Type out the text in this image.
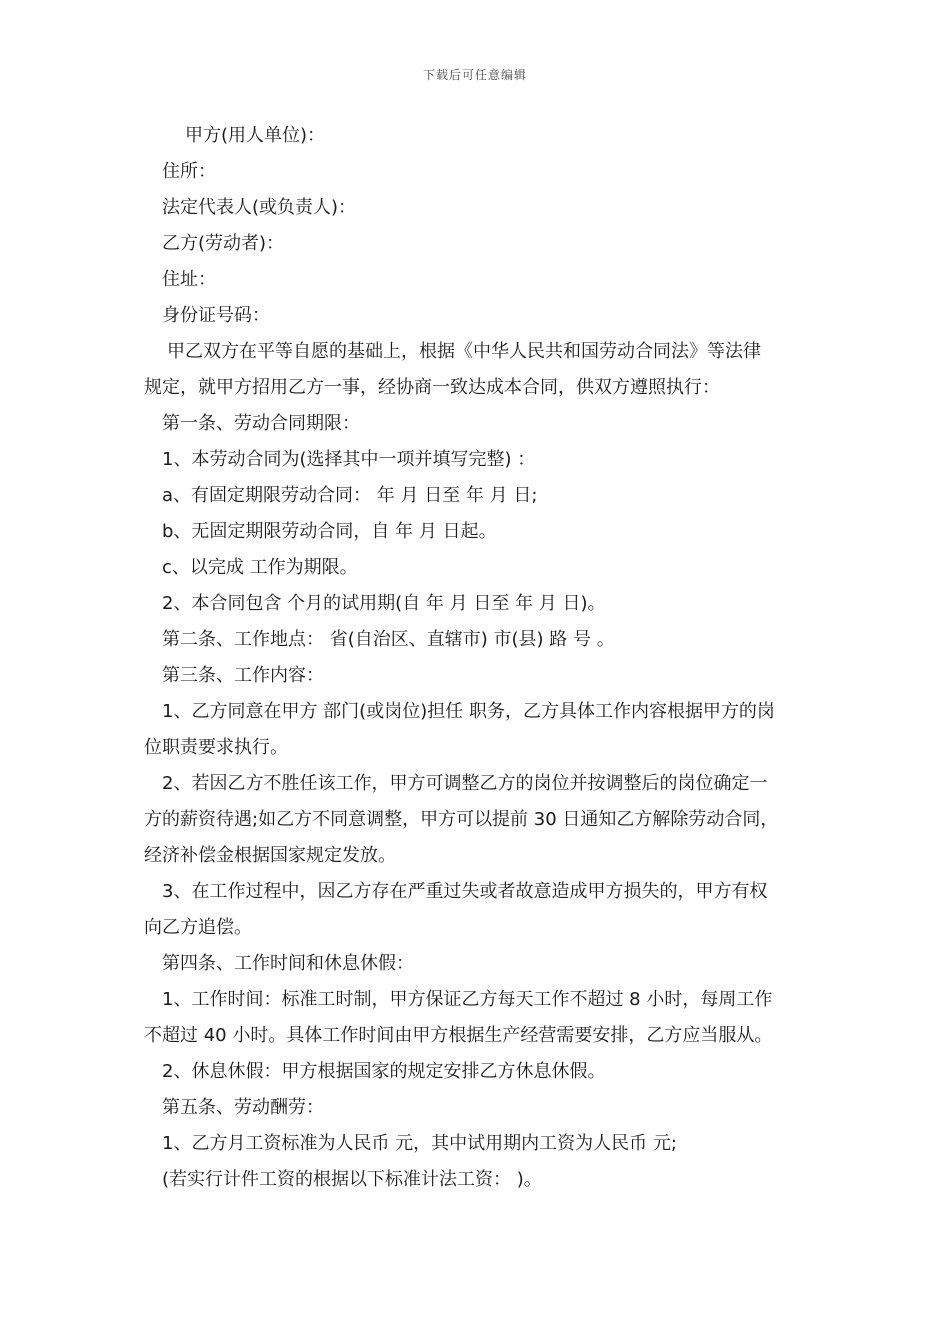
下载后可任意编辑
甲方(用人单位)：
住所：
法定代表人(或负责人)：
乙方(劳动者)：
住址：
身份证号码：
甲乙双方在平等自愿的基础上，根据《中华人民共和国劳动合同法》等法律
规定，就甲方招用乙方一事，经协商一致达成本合同，供双方遵照执行：
第一条、劳动合同期限：
1、本劳动合同为(选择其中一项并填写完整) ：
a、有固定期限劳动合同： 年 月 日至 年 月 日;
b、无固定期限劳动合同，自 年 月 日起。
c、以完成 工作为期限。
2、本合同包含 个月的试用期(自 年 月 日至 年 月 日)。
第二条、工作地点： 省(自治区、直辖市) 市(县) 路 号 。
第三条、工作内容：
1、乙方同意在甲方 部门(或岗位)担任 职务，乙方具体工作内容根据甲方的岗
位职责要求执行。
2、若因乙方不胜任该工作，甲方可调整乙方的岗位并按调整后的岗位确定一
方的薪资待遇;如乙方不同意调整，甲方可以提前 30 日通知乙方解除劳动合同，
经济补偿金根据国家规定发放。
3、在工作过程中，因乙方存在严重过失或者故意造成甲方损失的，甲方有权
向乙方追偿。
第四条、工作时间和休息休假：
1、工作时间：标准工时制，甲方保证乙方每天工作不超过 8 小时，每周工作
不超过 40 小时。具体工作时间由甲方根据生产经营需要安排，乙方应当服从。
2、休息休假：甲方根据国家的规定安排乙方休息休假。
第五条、劳动酬劳：
1、乙方月工资标准为人民币 元，其中试用期内工资为人民币 元;
(若实行计件工资的根据以下标准计法工资： )。
